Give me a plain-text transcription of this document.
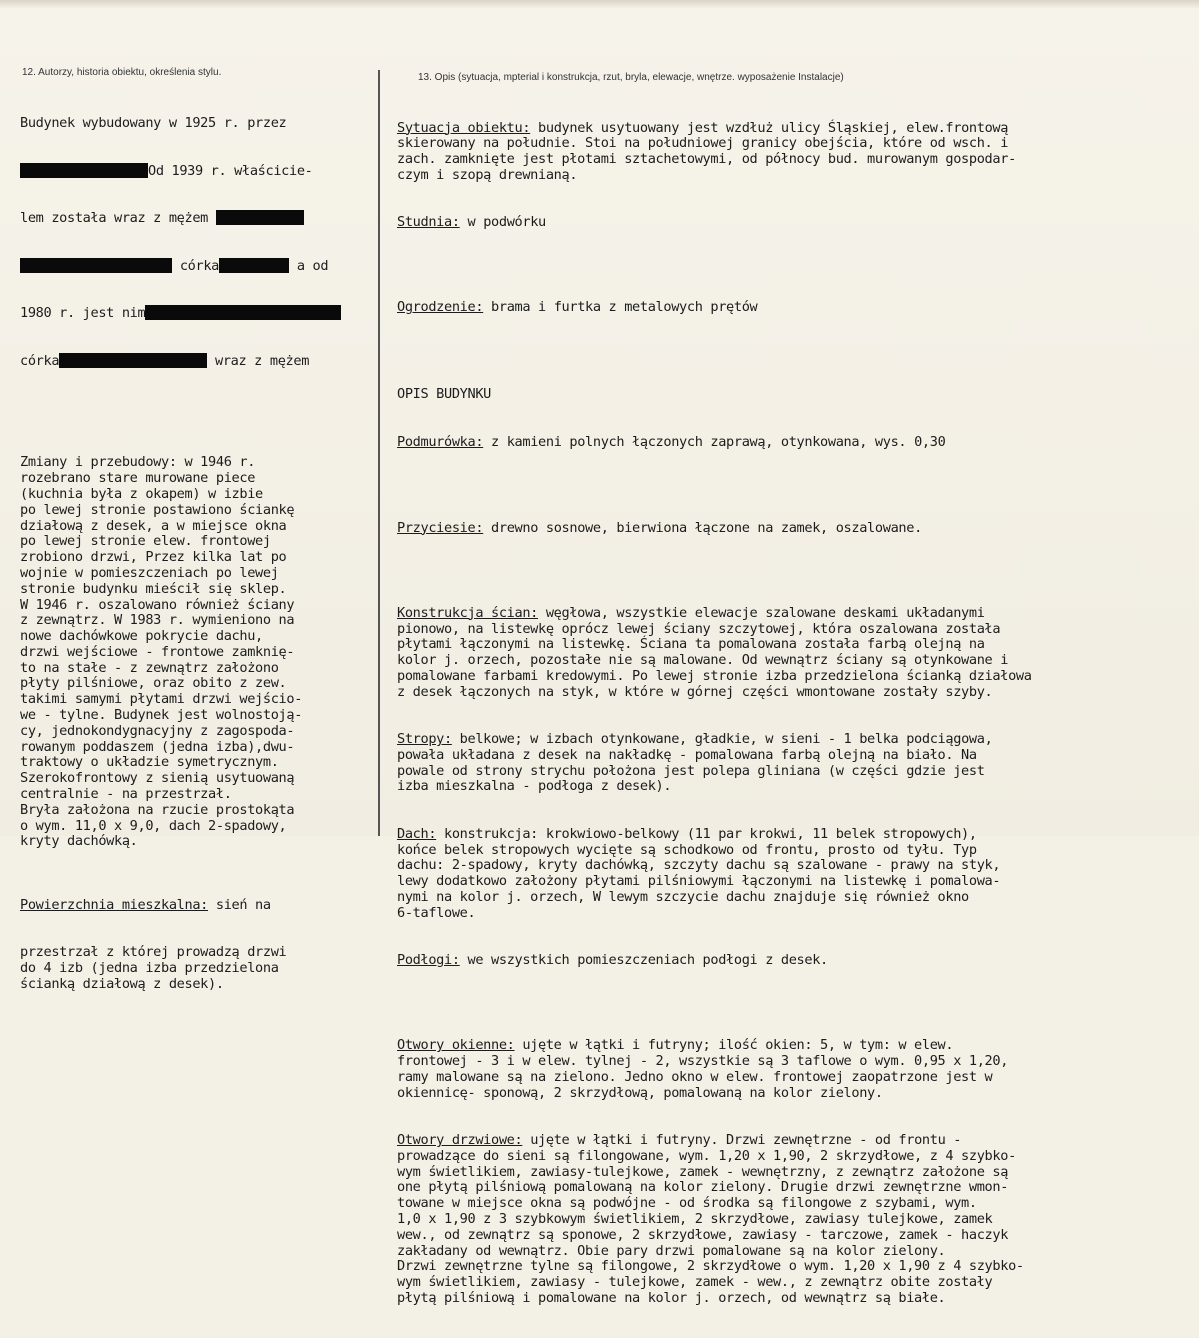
12. Autorzy, historia obiektu, określenia stylu.	13. Opis (sytuacja, mpterial i konstrukcja, rzut, bryla, elewacje, wnętrze. wyposażenie Instalacje)

Budynek wybudowany w 1925 r. przez

Od 1939 r. właścicie-

lem została wraz z mężem

córka	a od

1980 r. jest nim

córka	wraz z mężem

Zmiany i przebudowy: w 1946 r.
rozebrano stare murowane piece
(kuchnia była z okapem) w izbie
po lewej stronie postawiono ściankę
działową z desek, a w miejsce okna
po lewej stronie elew. frontowej
zrobiono drzwi, Przez kilka lat po
wojnie w pomieszczeniach po lewej
stronie budynku mieścił się sklep.
W 1946 r. oszalowano również ściany
z zewnątrz. W 1983 r. wymieniono na
nowe dachówkowe pokrycie dachu,
drzwi wejściowe - frontowe zamknię-
to na stałe - z zewnątrz założono
płyty pilśniowe, oraz obito z zew.
takimi samymi płytami drzwi wejścio-
we - tylne. Budynek jest wolnostoją-
cy, jednokondygnacyjny z zagospoda-
rowanym poddaszem (jedna izba),dwu-
traktowy o układzie symetrycznym.
Szerokofrontowy z sienią usytuowaną
centralnie - na przestrzał.
Bryła założona na rzucie prostokąta
o wym. 11,0 x 9,0, dach 2-spadowy,
kryty dachówką.

Powierzchnia mieszkalna: sień na

przestrzał z której prowadzą drzwi
do 4 izb (jedna izba przedzielona
ścianką działową z desek).

Sytuacja obiektu: budynek usytuowany jest wzdłuż ulicy Śląskiej, elew.frontową
skierowany na południe. Stoi na południowej granicy obejścia, które od wsch. i
zach. zamknięte jest płotami sztachetowymi, od północy bud. murowanym gospodar-
czym i szopą drewnianą.

Studnia: w podwórku

Ogrodzenie: brama i furtka z metalowych prętów

OPIS BUDYNKU

Podmurówka: z kamieni polnych łączonych zaprawą, otynkowana, wys. 0,30

Przyciesie: drewno sosnowe, bierwiona łączone na zamek, oszalowane.

Konstrukcja ścian: węgłowa, wszystkie elewacje szalowane deskami układanymi
pionowo, na listewkę oprócz lewej ściany szczytowej, która oszalowana została
płytami łączonymi na listewkę. Ściana ta pomalowana została farbą olejną na
kolor j. orzech, pozostałe nie są malowane. Od wewnątrz ściany są otynkowane i
pomalowane farbami kredowymi. Po lewej stronie izba przedzielona ścianką działowa
z desek łączonych na styk, w które w górnej części wmontowane zostały szyby.

Stropy: belkowe; w izbach otynkowane, gładkie, w sieni - 1 belka podciągowa,
powała układana z desek na nakładkę - pomalowana farbą olejną na biało. Na
powale od strony strychu położona jest polepa gliniana (w części gdzie jest
izba mieszkalna - podłoga z desek).

Dach: konstrukcja: krokwiowo-belkowy (11 par krokwi, 11 belek stropowych),
końce belek stropowych wycięte są schodkowo od frontu, prosto od tyłu. Typ
dachu: 2-spadowy, kryty dachówką, szczyty dachu są szalowane - prawy na styk,
lewy dodatkowo założony płytami pilśniowymi łączonymi na listewkę i pomalowa-
nymi na kolor j. orzech, W lewym szczycie dachu znajduje się również okno
6-taflowe.

Podłogi: we wszystkich pomieszczeniach podłogi z desek.

Otwory okienne: ujęte w łątki i futryny; ilość okien: 5, w tym: w elew.
frontowej - 3 i w elew. tylnej - 2, wszystkie są 3 taflowe o wym. 0,95 x 1,20,
ramy malowane są na zielono. Jedno okno w elew. frontowej zaopatrzone jest w
okiennicę- sponową, 2 skrzydłową, pomalowaną na kolor zielony.

Otwory drzwiowe: ujęte w łątki i futryny. Drzwi zewnętrzne - od frontu -
prowadzące do sieni są filongowane, wym. 1,20 x 1,90, 2 skrzydłowe, z 4 szybko-
wym świetlikiem, zawiasy-tulejkowe, zamek - wewnętrzny, z zewnątrz założone są
one płytą pilśniową pomalowaną na kolor zielony. Drugie drzwi zewnętrzne wmon-
towane w miejsce okna są podwójne - od środka są filongowe z szybami, wym.
1,0 x 1,90 z 3 szybkowym świetlikiem, 2 skrzydłowe, zawiasy tulejkowe, zamek
wew., od zewnątrz są sponowe, 2 skrzydłowe, zawiasy - tarczowe, zamek - haczyk
zakładany od wewnątrz. Obie pary drzwi pomalowane są na kolor zielony.
Drzwi zewnętrzne tylne są filongowe, 2 skrzydłowe o wym. 1,20 x 1,90 z 4 szybko-
wym świetlikiem, zawiasy - tulejkowe, zamek - wew., z zewnątrz obite zostały
płytą pilśniową i pomalowane na kolor j. orzech, od wewnątrz są białe.
